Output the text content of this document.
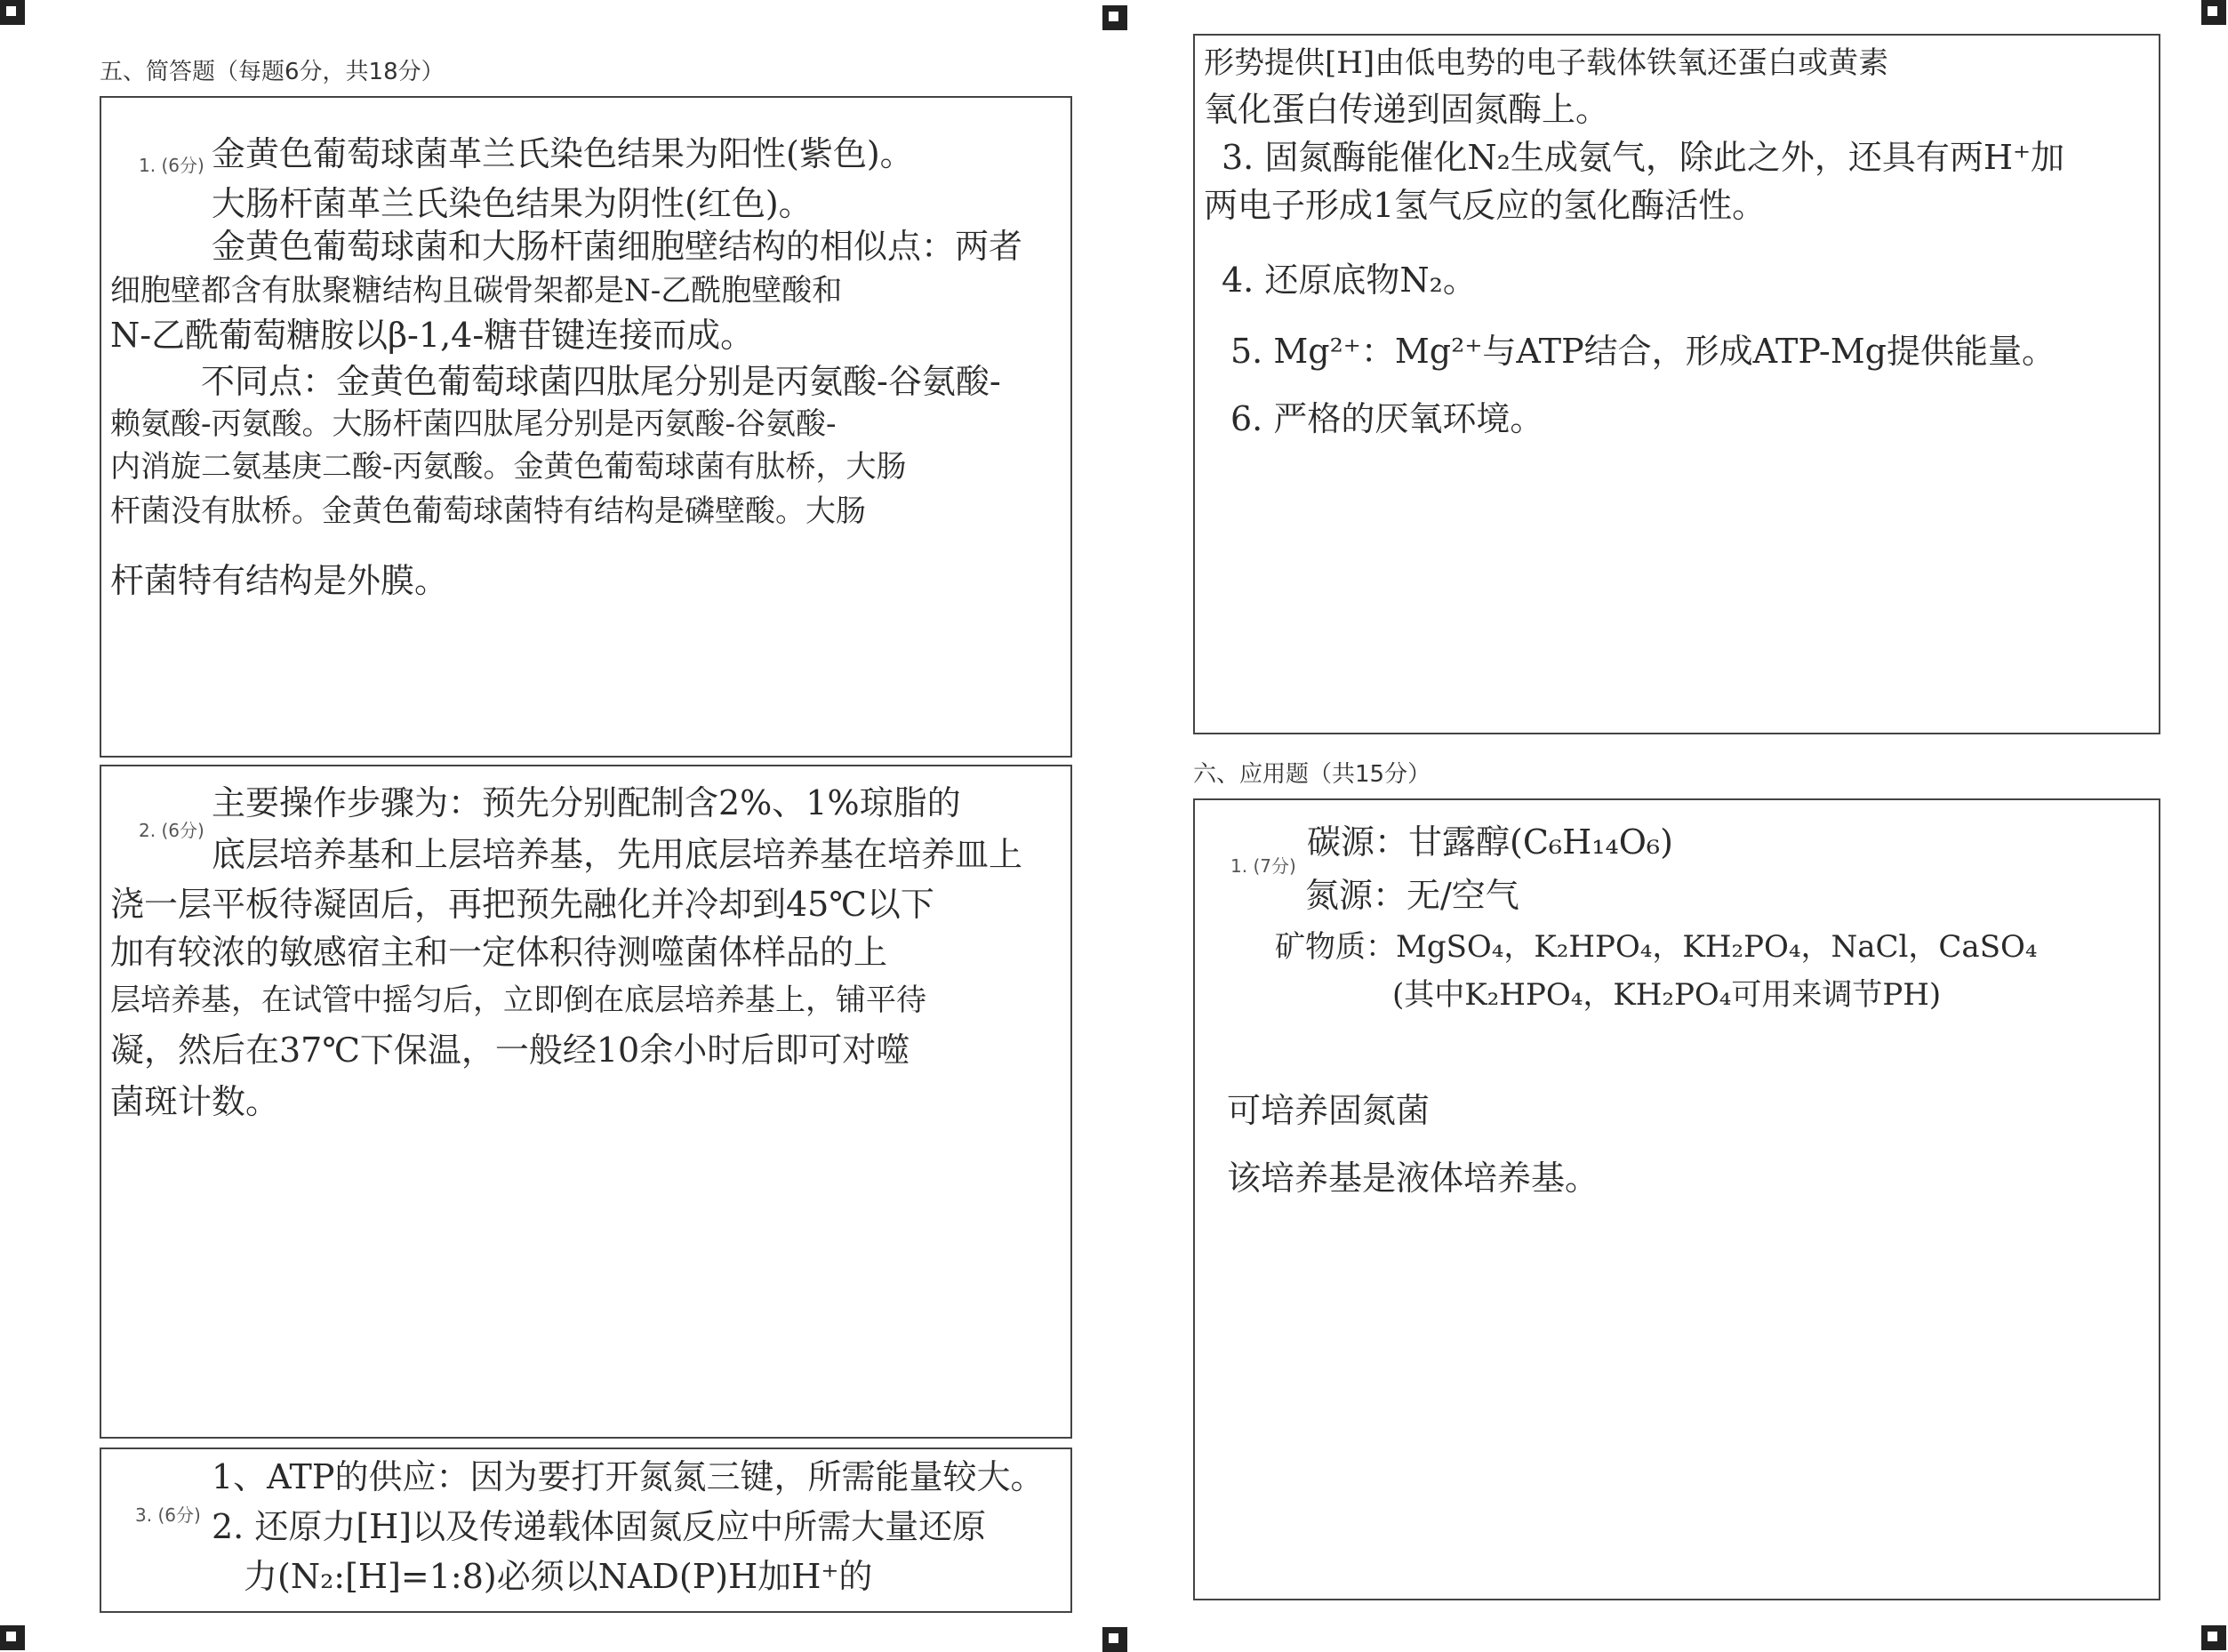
五、简答题（每题6分，共18分）
1. (6分) 金黄色葡萄球菌革兰氏染色结果为阳性(紫色)。
大肠杆菌革兰氏染色结果为阴性(红色)。
金黄色葡萄球菌和大肠杆菌细胞壁结构的相似点：两者
细胞壁都含有肽聚糖结构且碳骨架都是N-乙酰胞壁酸和
N-乙酰葡萄糖胺以β-1,4-糖苷键连接而成。
不同点：金黄色葡萄球菌四肽尾分别是丙氨酸-谷氨酸-
赖氨酸-丙氨酸。大肠杆菌四肽尾分别是丙氨酸-谷氨酸-
内消旋二氨基庚二酸-丙氨酸。金黄色葡萄球菌有肽桥，大肠
杆菌没有肽桥。金黄色葡萄球菌特有结构是磷壁酸。大肠
杆菌特有结构是外膜。
2. (6分)
主要操作步骤为：预先分别配制含2%、1%琼脂的
底层培养基和上层培养基，先用底层培养基在培养皿上
浇一层平板待凝固后，再把预先融化并冷却到45℃以下
加有较浓的敏感宿主和一定体积待测噬菌体样品的上
层培养基，在试管中摇匀后，立即倒在底层培养基上，铺平待
凝，然后在37℃下保温，一般经10余小时后即可对噬
菌斑计数。
3. (6分)
1、ATP的供应：因为要打开氮氮三键，所需能量较大。
2. 还原力[H]以及传递载体固氮反应中所需大量还原
力(N₂:[H]=1:8)必须以NAD(P)H加H⁺的
形势提供[H]由低电势的电子载体铁氧还蛋白或黄素
氧化蛋白传递到固氮酶上。
3. 固氮酶能催化N₂生成氨气，除此之外，还具有两H⁺加
两电子形成1氢气反应的氢化酶活性。
4. 还原底物N₂。
5. Mg²⁺：Mg²⁺与ATP结合，形成ATP-Mg提供能量。
6. 严格的厌氧环境。
六、应用题（共15分）
1. (7分)
碳源：甘露醇(C₆H₁₄O₆)
氮源：无/空气
矿物质：MgSO₄，K₂HPO₄，KH₂PO₄，NaCl，CaSO₄
(其中K₂HPO₄，KH₂PO₄可用来调节PH)
可培养固氮菌
该培养基是液体培养基。
